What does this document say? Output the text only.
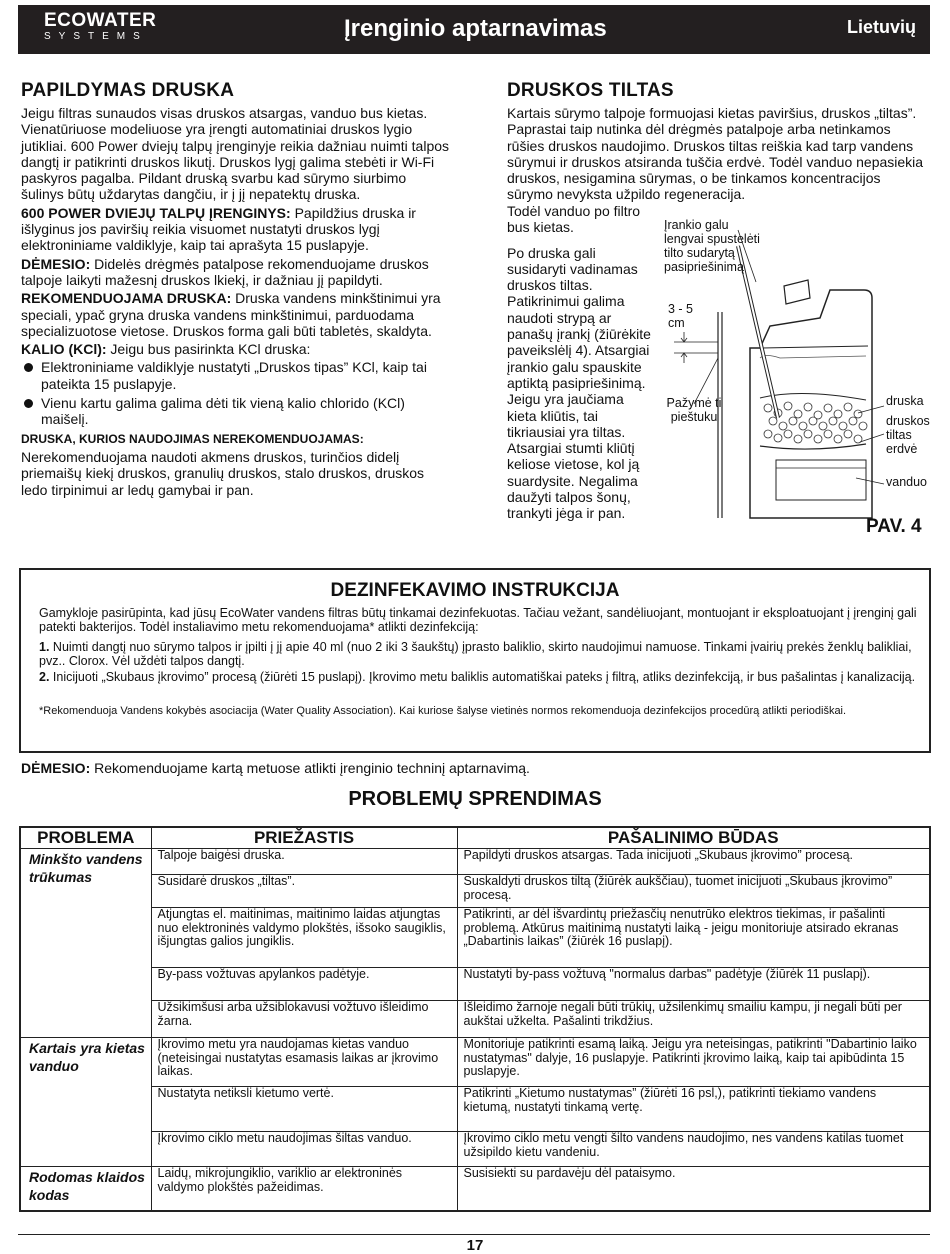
ECOWATER
SYSTEMS	Įrenginio aptarnavimas	Lietuvių
PAPILDYMAS DRUSKA

Jeigu filtras sunaudos visas druskos atsargas, vanduo bus kietas. Vienatūriuose modeliuose yra įrengti automatiniai druskos lygio jutikliai. 600 Power dviejų talpų įrenginyje reikia dažniau nuimti talpos dangtį ir patikrinti druskos likutį. Druskos lygį galima stebėti ir Wi-Fi paskyros pagalba. Pildant druską svarbu kad sūrymo siurbimo šulinys būtų uždarytas dangčiu, ir į jį nepatektų druska.

600 POWER DVIEJŲ TALPŲ ĮRENGINYS: Papildžius druska ir išlyginus jos paviršių reikia visuomet nustatyti druskos lygį elektroniniame valdiklyje, kaip tai aprašyta 15 puslapyje.

DĖMESIO: Didelės drėgmės patalpose rekomenduojame druskos talpoje laikyti mažesnį druskos lkiekį, ir dažniau jį papildyti.

REKOMENDUOJAMA DRUSKA: Druska vandens minkštinimui yra speciali, ypač gryna druska vandens minkštinimui, parduodama specializuotose vietose. Druskos forma gali būti tabletės, skaldyta.

KALIO (KCl): Jeigu bus pasirinkta KCl druska:

Elektroniniame valdiklyje nustatyti „Druskos tipas” KCl, kaip tai pateikta 15 puslapyje.
Vienu kartu galima galima dėti tik vieną kalio chlorido (KCl) maišelį.

DRUSKA, KURIOS NAUDOJIMAS NEREKOMENDUOJAMAS:

Nerekomenduojama naudoti akmens druskos, turinčios didelį priemaišų kiekį druskos, granulių druskos, stalo druskos, druskos ledo tirpinimui ar ledų gamybai ir pan.

DRUSKOS TILTAS
Kartais sūrymo talpoje formuojasi kietas paviršius, druskos „tiltas”. Paprastai taip nutinka dėl drėgmės patalpoje arba netinkamos rūšies druskos naudojimo. Druskos tiltas reiškia kad tarp vandens sūrymui ir druskos atsiranda tuščia erdvė. Todėl vanduo nepasiekia druskos, nesigamina sūrymas, o be tinkamos koncentracijos sūrymo nevyksta užpildo regeneracija.

Todėl vanduo po filtro bus kietas.

Po druska gali susidaryti vadinamas druskos tiltas. Patikrinimui galima naudoti strypą ar panašų įrankį (žiūrėkite paveikslėlį 4). Atsargiai įrankio galu spauskite aptiktą pasipriešinimą. Jeigu yra jaučiama kieta kliūtis, tai tikriausiai yra tiltas. Atsargiai stumti kliūtį keliose vietose, kol ją suardysite. Negalima daužyti talpos šonų, trankyti jėga ir pan.

Įrankio galu lengvai spustelėti tilto sudarytą pasipriešinimą
3 - 5 cm
Pažymė ti pieštuku
druska
druskos tiltas erdvė
vanduo
PAV. 4
DEZINFEKAVIMO INSTRUKCIJA
Gamykloje pasirūpinta, kad jūsų EcoWater vandens filtras būtų tinkamai dezinfekuotas. Tačiau vežant, sandėliuojant, montuojant ir eksploatuojant į įrenginį gali patekti bakterijos. Todėl instaliavimo metu rekomenduojama* atlikti dezinfekciją:
1. Nuimti dangtį nuo sūrymo talpos ir įpilti į jį apie 40 ml (nuo 2 iki 3 šaukštų) įprasto baliklio, skirto naudojimui namuose. Tinkami įvairių prekės ženklų balikliai, pvz.. Clorox. Vėl uždėti talpos dangtį.
2. Inicijuoti „Skubaus įkrovimo” procesą (žiūrėti 15 puslapį). Įkrovimo metu baliklis automatiškai pateks į filtrą, atliks dezinfekciją, ir bus pašalintas į kanalizaciją.
*Rekomenduoja Vandens kokybės asociacija (Water Quality Association). Kai kuriose šalyse vietinės normos rekomenduoja dezinfekcijos procedūrą atlikti periodiškai.
DĖMESIO: Rekomenduojame kartą metuose atlikti įrenginio techninį aptarnavimą.
PROBLEMŲ SPRENDIMAS
PROBLEMA	PRIEŽASTIS	PAŠALINIMO BŪDAS
Minkšto vandens trūkumas	Talpoje baigėsi druska.	Papildyti druskos atsargas. Tada inicijuoti „Skubaus įkrovimo” procesą.

	Susidarė druskos „tiltas”.	Suskaldyti druskos tiltą (žiūrėk aukščiau), tuomet inicijuoti „Skubaus įkrovimo” procesą.

	Atjungtas el. maitinimas, maitinimo laidas atjungtas nuo elektroninės valdymo plokštės, išsoko saugiklis, išjungtas galios jungiklis.	Patikrinti, ar dėl išvardintų priežasčių nenutrūko elektros tiekimas, ir pašalinti problemą. Atkūrus maitinimą nustatyti laiką - jeigu monitoriuje atsirado ekranas „Dabartinis laikas” (žiūrėk 16 puslapį).

	By-pass vožtuvas apylankos padėtyje.	Nustatyti by-pass vožtuvą "normalus darbas" padėtyje (žiūrėk 11 puslapį).

	Užsikimšusi arba užsiblokavusi vožtuvo išleidimo žarna.	Išleidimo žarnoje negali būti trūkių, užsilenkimų smailiu kampu, ji negali būti per aukštai užkelta. Pašalinti trikdžius.

Kartais yra kietas vanduo	Įkrovimo metu yra naudojamas kietas vanduo (neteisingai nustatytas esamasis laikas ar įkrovimo laikas.	Monitoriuje patikrinti esamą laiką. Jeigu yra neteisingas, patikrinti "Dabartinio laiko nustatymas" dalyje, 16 puslapyje. Patikrinti įkrovimo laiką, kaip tai apibūdinta 15 puslapyje.

	Nustatyta netiksli kietumo vertė.	Patikrinti „Kietumo nustatymas” (žiūrėti 16 psl,), patikrinti tiekiamo vandens kietumą, nustatyti tinkamą vertę.

	Įkrovimo ciklo metu naudojimas šiltas vanduo.	Įkrovimo ciklo metu vengti šilto vandens naudojimo, nes vandens katilas tuomet užsipildo kietu vandeniu.

Rodomas klaidos kodas	Laidų, mikrojungiklio, variklio ar elektroninės valdymo plokštės pažeidimas.	Susisiekti su pardavėju dėl pataisymo.
17
